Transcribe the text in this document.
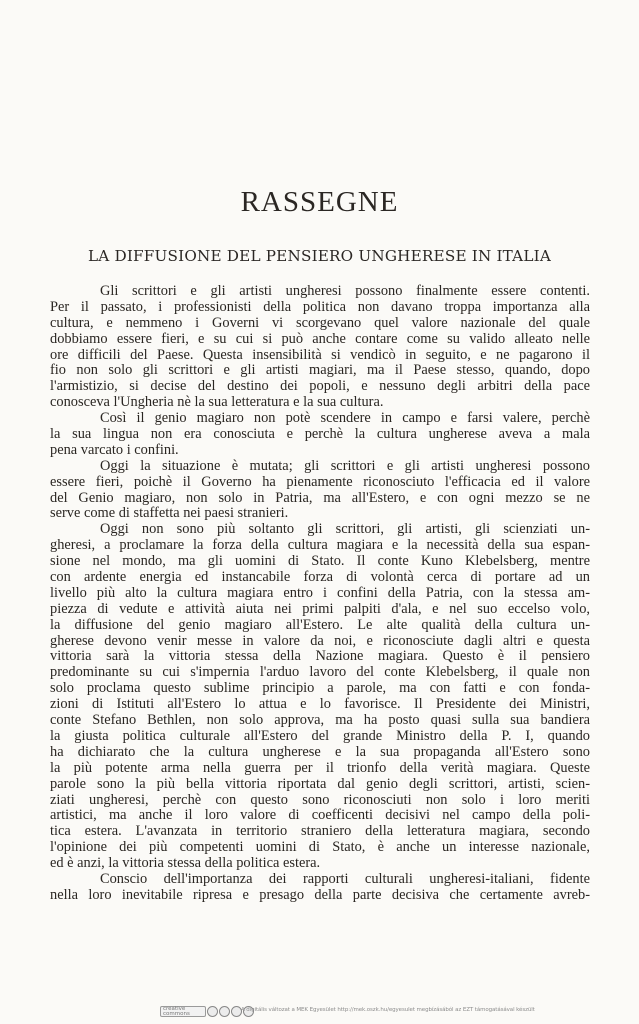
RASSEGNE
LA DIFFUSIONE DEL PENSIERO UNGHERESE IN ITALIA
Gli scrittori e gli artisti ungheresi possono finalmente essere contenti.
Per il passato, i professionisti della politica non davano troppa importanza alla
cultura, e nemmeno i Governi vi scorgevano quel valore nazionale del quale
dobbiamo essere fieri, e su cui si può anche contare come su valido alleato nelle
ore difficili del Paese. Questa insensibilità si vendicò in seguito, e ne pagarono il
fio non solo gli scrittori e gli artisti magiari, ma il Paese stesso, quando, dopo
l'armistizio, si decise del destino dei popoli, e nessuno degli arbitri della pace
conosceva l'Ungheria nè la sua letteratura e la sua cultura.
Così il genio magiaro non potè scendere in campo e farsi valere, perchè
la sua lingua non era conosciuta e perchè la cultura ungherese aveva a mala
pena varcato i confini.
Oggi la situazione è mutata; gli scrittori e gli artisti ungheresi possono
essere fieri, poichè il Governo ha pienamente riconosciuto l'efficacia ed il valore
del Genio magiaro, non solo in Patria, ma all'Estero, e con ogni mezzo se ne
serve come di staffetta nei paesi stranieri.
Oggi non sono più soltanto gli scrittori, gli artisti, gli scienziati un-
gheresi, a proclamare la forza della cultura magiara e la necessità della sua espan-
sione nel mondo, ma gli uomini di Stato. Il conte Kuno Klebelsberg, mentre
con ardente energia ed instancabile forza di volontà cerca di portare ad un
livello più alto la cultura magiara entro i confini della Patria, con la stessa am-
piezza di vedute e attività aiuta nei primi palpiti d'ala, e nel suo eccelso volo,
la diffusione del genio magiaro all'Estero. Le alte qualità della cultura un-
gherese devono venir messe in valore da noi, e riconosciute dagli altri e questa
vittoria sarà la vittoria stessa della Nazione magiara. Questo è il pensiero
predominante su cui s'impernia l'arduo lavoro del conte Klebelsberg, il quale non
solo proclama questo sublime principio a parole, ma con fatti e con fonda-
zioni di Istituti all'Estero lo attua e lo favorisce. Il Presidente dei Ministri,
conte Stefano Bethlen, non solo approva, ma ha posto quasi sulla sua bandiera
la giusta politica culturale all'Estero del grande Ministro della P. I, quando
ha dichiarato che la cultura ungherese e la sua propaganda all'Estero sono
la più potente arma nella guerra per il trionfo della verità magiara. Queste
parole sono la più bella vittoria riportata dal genio degli scrittori, artisti, scien-
ziati ungheresi, perchè con questo sono riconosciuti non solo i loro meriti
artistici, ma anche il loro valore di coefficenti decisivi nel campo della poli-
tica estera. L'avanzata in territorio straniero della letteratura magiara, secondo
l'opinione dei più competenti uomini di Stato, è anche un interesse nazionale,
ed è anzi, la vittoria stessa della politica estera.
Conscio dell'importanza dei rapporti culturali ungheresi-italiani, fidente
nella loro inevitabile ripresa e presago della parte decisiva che certamente avreb-
creative commons
A digitális változat a MEK Egyesület http://mek.oszk.hu/egyesulet megbízásából az EZT támogatásával készült
